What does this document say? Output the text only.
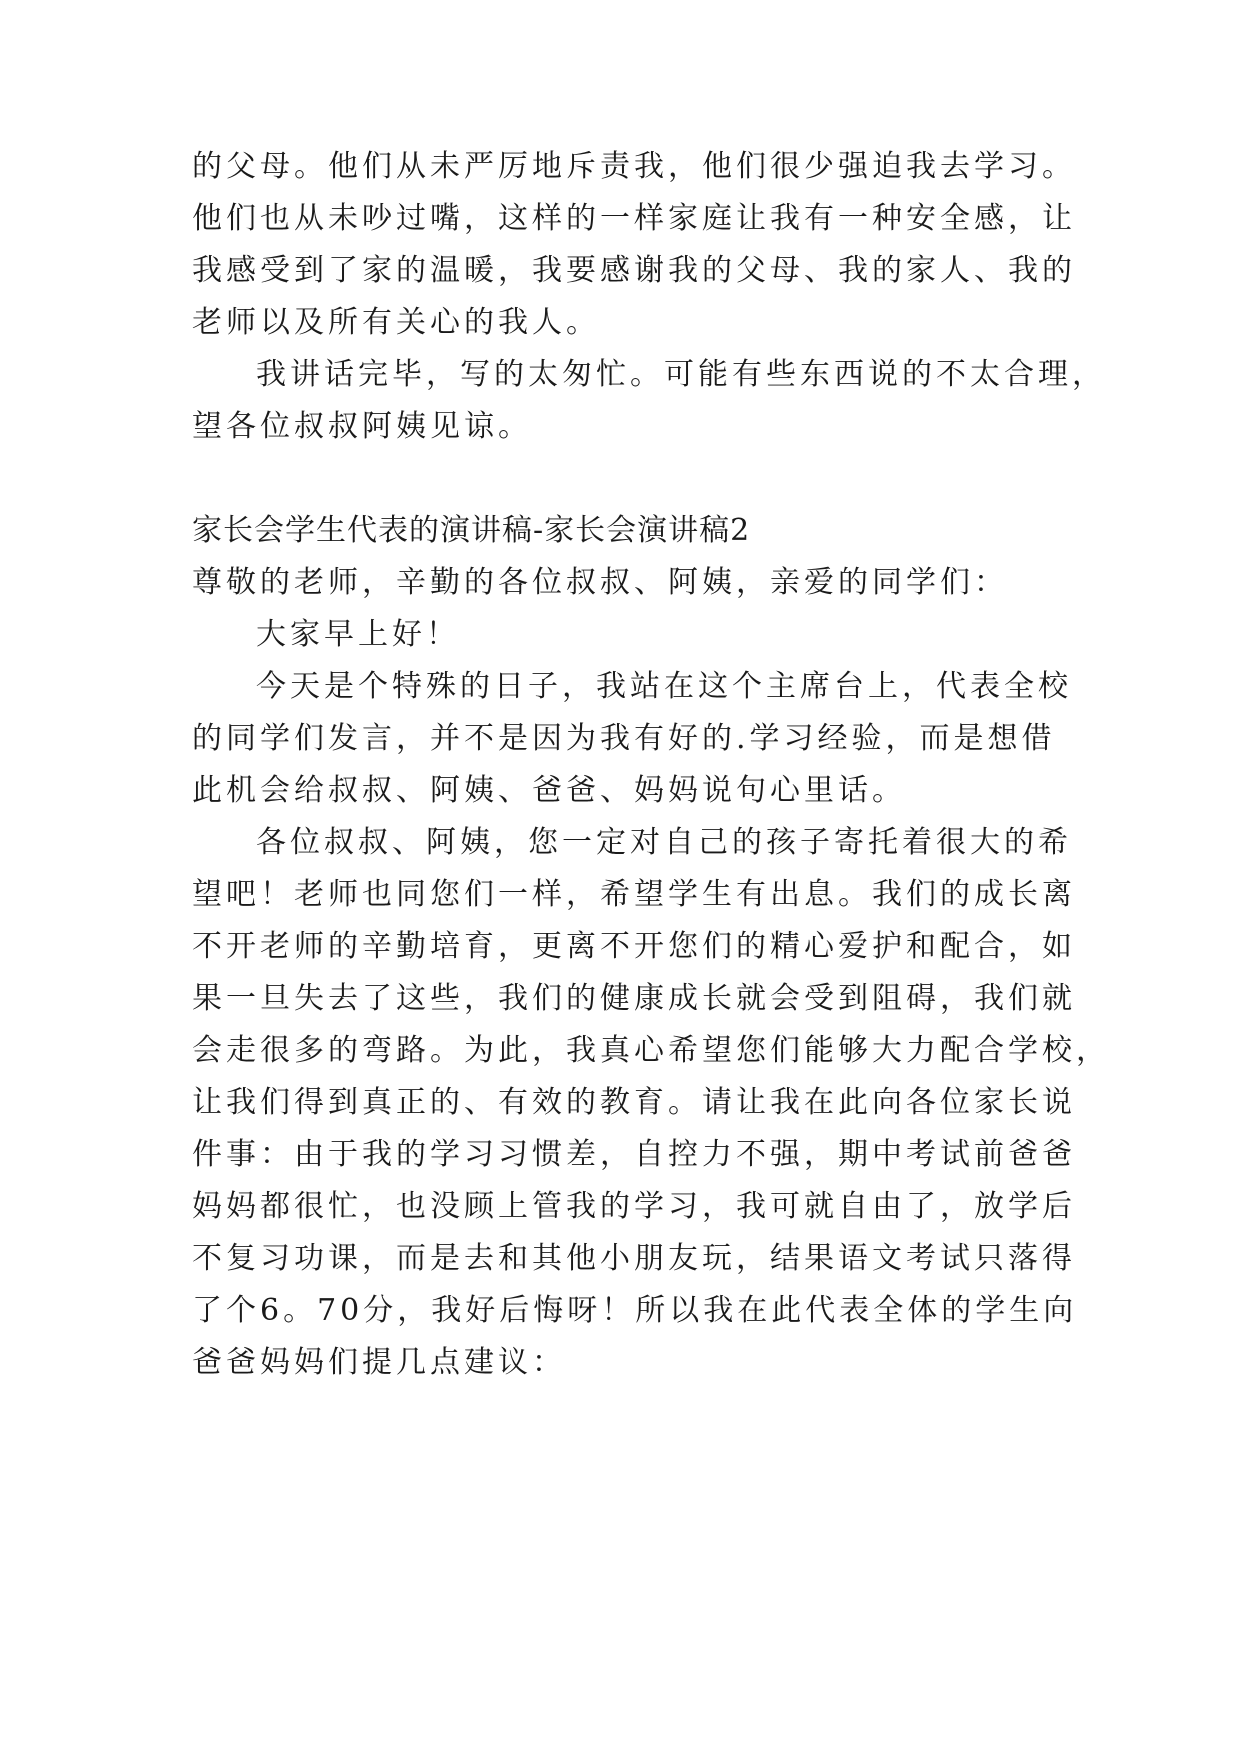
的父母。他们从未严厉地斥责我，他们很少强迫我去学习。
他们也从未吵过嘴，这样的一样家庭让我有一种安全感，让
我感受到了家的温暖，我要感谢我的父母、我的家人、我的
老师以及所有关心的我人。
我讲话完毕，写的太匆忙。可能有些东西说的不太合理，
望各位叔叔阿姨见谅。
家长会学生代表的演讲稿-家长会演讲稿2
尊敬的老师，辛勤的各位叔叔、阿姨，亲爱的同学们：
大家早上好！
今天是个特殊的日子，我站在这个主席台上，代表全校
的同学们发言，并不是因为我有好的.学习经验，而是想借
此机会给叔叔、阿姨、爸爸、妈妈说句心里话。
各位叔叔、阿姨，您一定对自己的孩子寄托着很大的希
望吧！老师也同您们一样，希望学生有出息。我们的成长离
不开老师的辛勤培育，更离不开您们的精心爱护和配合，如
果一旦失去了这些，我们的健康成长就会受到阻碍，我们就
会走很多的弯路。为此，我真心希望您们能够大力配合学校，
让我们得到真正的、有效的教育。请让我在此向各位家长说
件事：由于我的学习习惯差，自控力不强，期中考试前爸爸
妈妈都很忙，也没顾上管我的学习，我可就自由了，放学后
不复习功课，而是去和其他小朋友玩，结果语文考试只落得
了个6。70分，我好后悔呀！所以我在此代表全体的学生向
爸爸妈妈们提几点建议：
